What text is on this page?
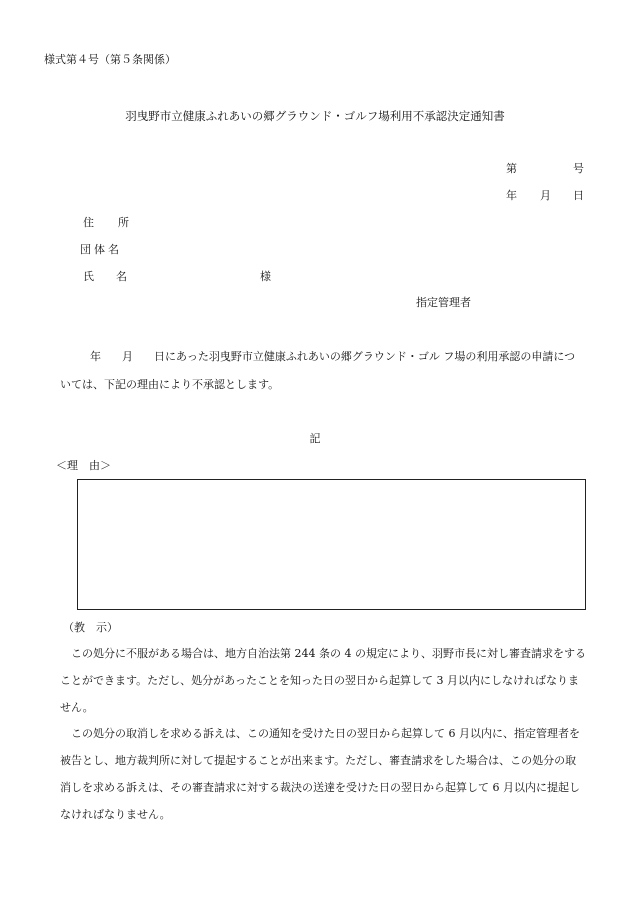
様式第４号（第５条関係）
羽曳野市立健康ふれあいの郷グラウンド・ゴルフ場利用不承認決定通知書
第	号
年 月 日
住 所
団体名
氏 名	様
指定管理者
年 月 日にあった羽曳野市立健康ふれあいの郷グラウンド・ゴル フ場の利用承認の申請につ
いては、下記の理由により不承認とします。
記
＜理　由＞
（教　示）
　この処分に不服がある場合は、地方自治法第 244 条の 4 の規定により、羽野市長に対し審査請求をする
ことができます。ただし、処分があったことを知った日の翌日から起算して 3 月以内にしなければなりま
せん。
　この処分の取消しを求める訴えは、この通知を受けた日の翌日から起算して 6 月以内に、指定管理者を
被告とし、地方裁判所に対して提起することが出来ます。ただし、審査請求をした場合は、この処分の取
消しを求める訴えは、その審査請求に対する裁決の送達を受けた日の翌日から起算して 6 月以内に提起し
なければなりません。
